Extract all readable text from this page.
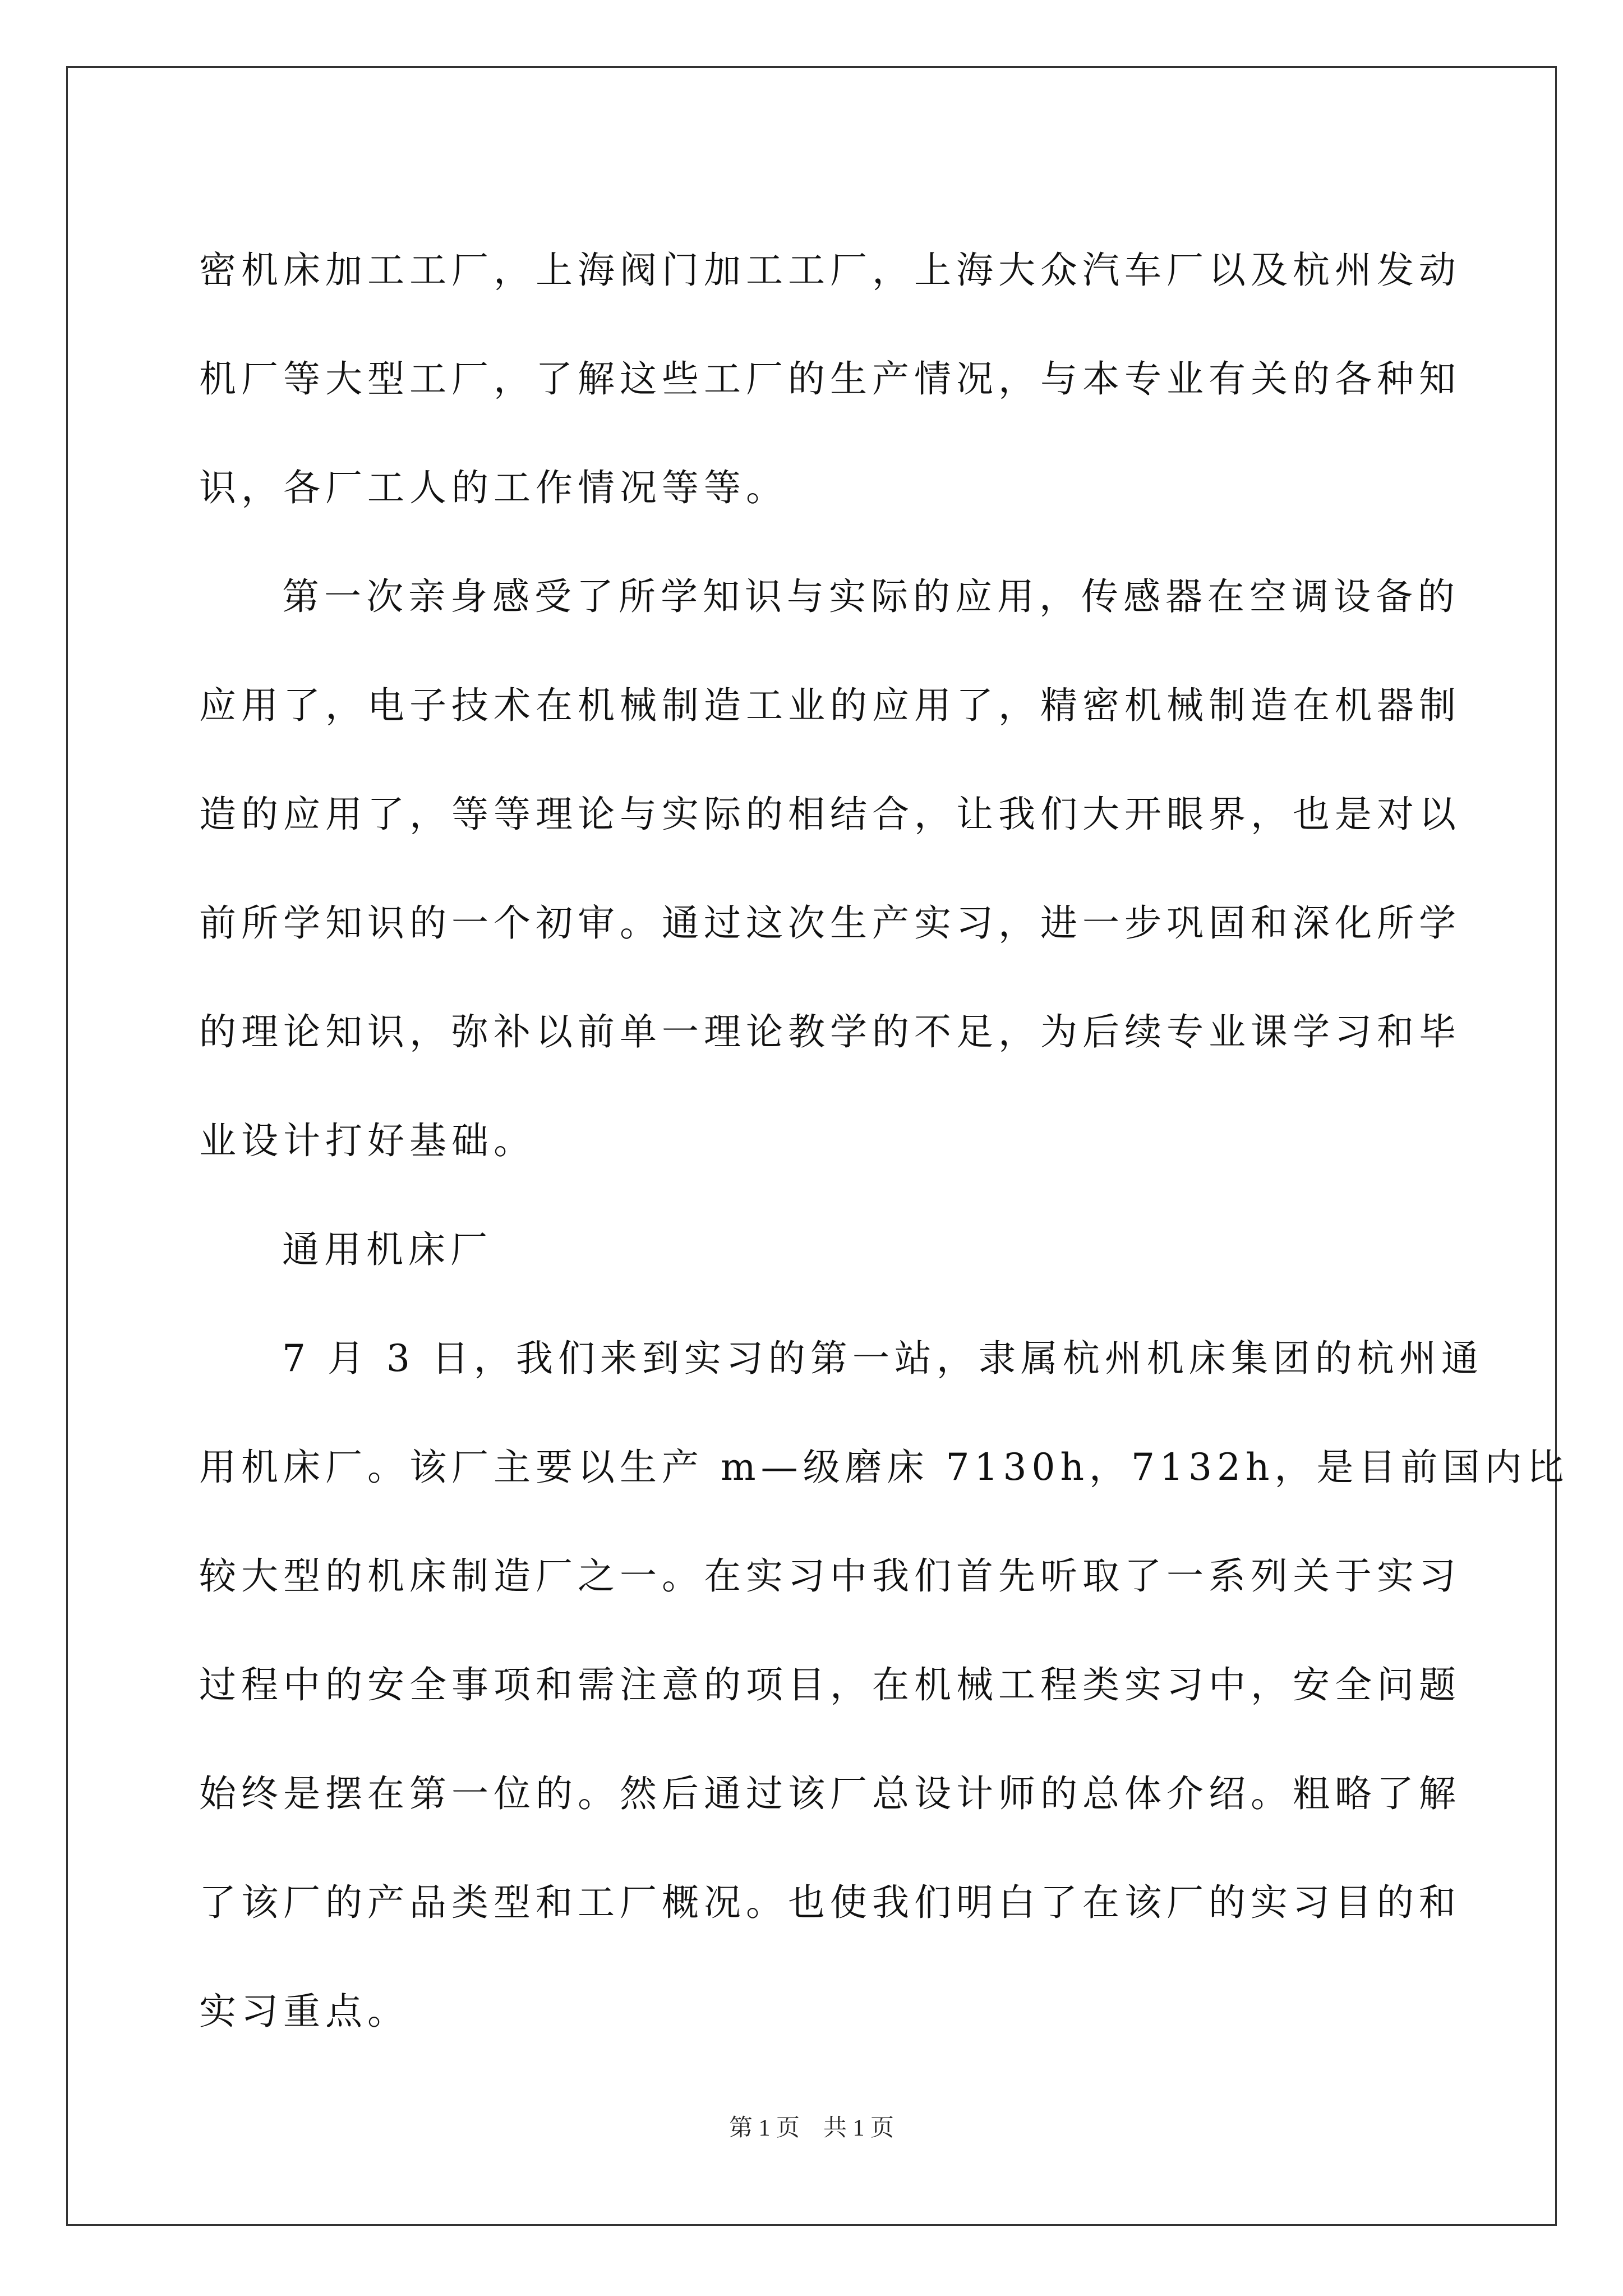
密机床加工工厂，上海阀门加工工厂，上海大众汽车厂以及杭州发动
机厂等大型工厂，了解这些工厂的生产情况，与本专业有关的各种知
识，各厂工人的工作情况等等。
第一次亲身感受了所学知识与实际的应用，传感器在空调设备的
应用了，电子技术在机械制造工业的应用了，精密机械制造在机器制
造的应用了，等等理论与实际的相结合，让我们大开眼界，也是对以
前所学知识的一个初审。通过这次生产实习，进一步巩固和深化所学
的理论知识，弥补以前单一理论教学的不足，为后续专业课学习和毕
业设计打好基础。
通用机床厂
7 月 3 日，我们来到实习的第一站，隶属杭州机床集团的杭州通
用机床厂。该厂主要以生产 m—级磨床 7130h，7132h，是目前国内比
较大型的机床制造厂之一。在实习中我们首先听取了一系列关于实习
过程中的安全事项和需注意的项目，在机械工程类实习中，安全问题
始终是摆在第一位的。然后通过该厂总设计师的总体介绍。粗略了解
了该厂的产品类型和工厂概况。也使我们明白了在该厂的实习目的和
实习重点。
第 1 页　共 1 页
